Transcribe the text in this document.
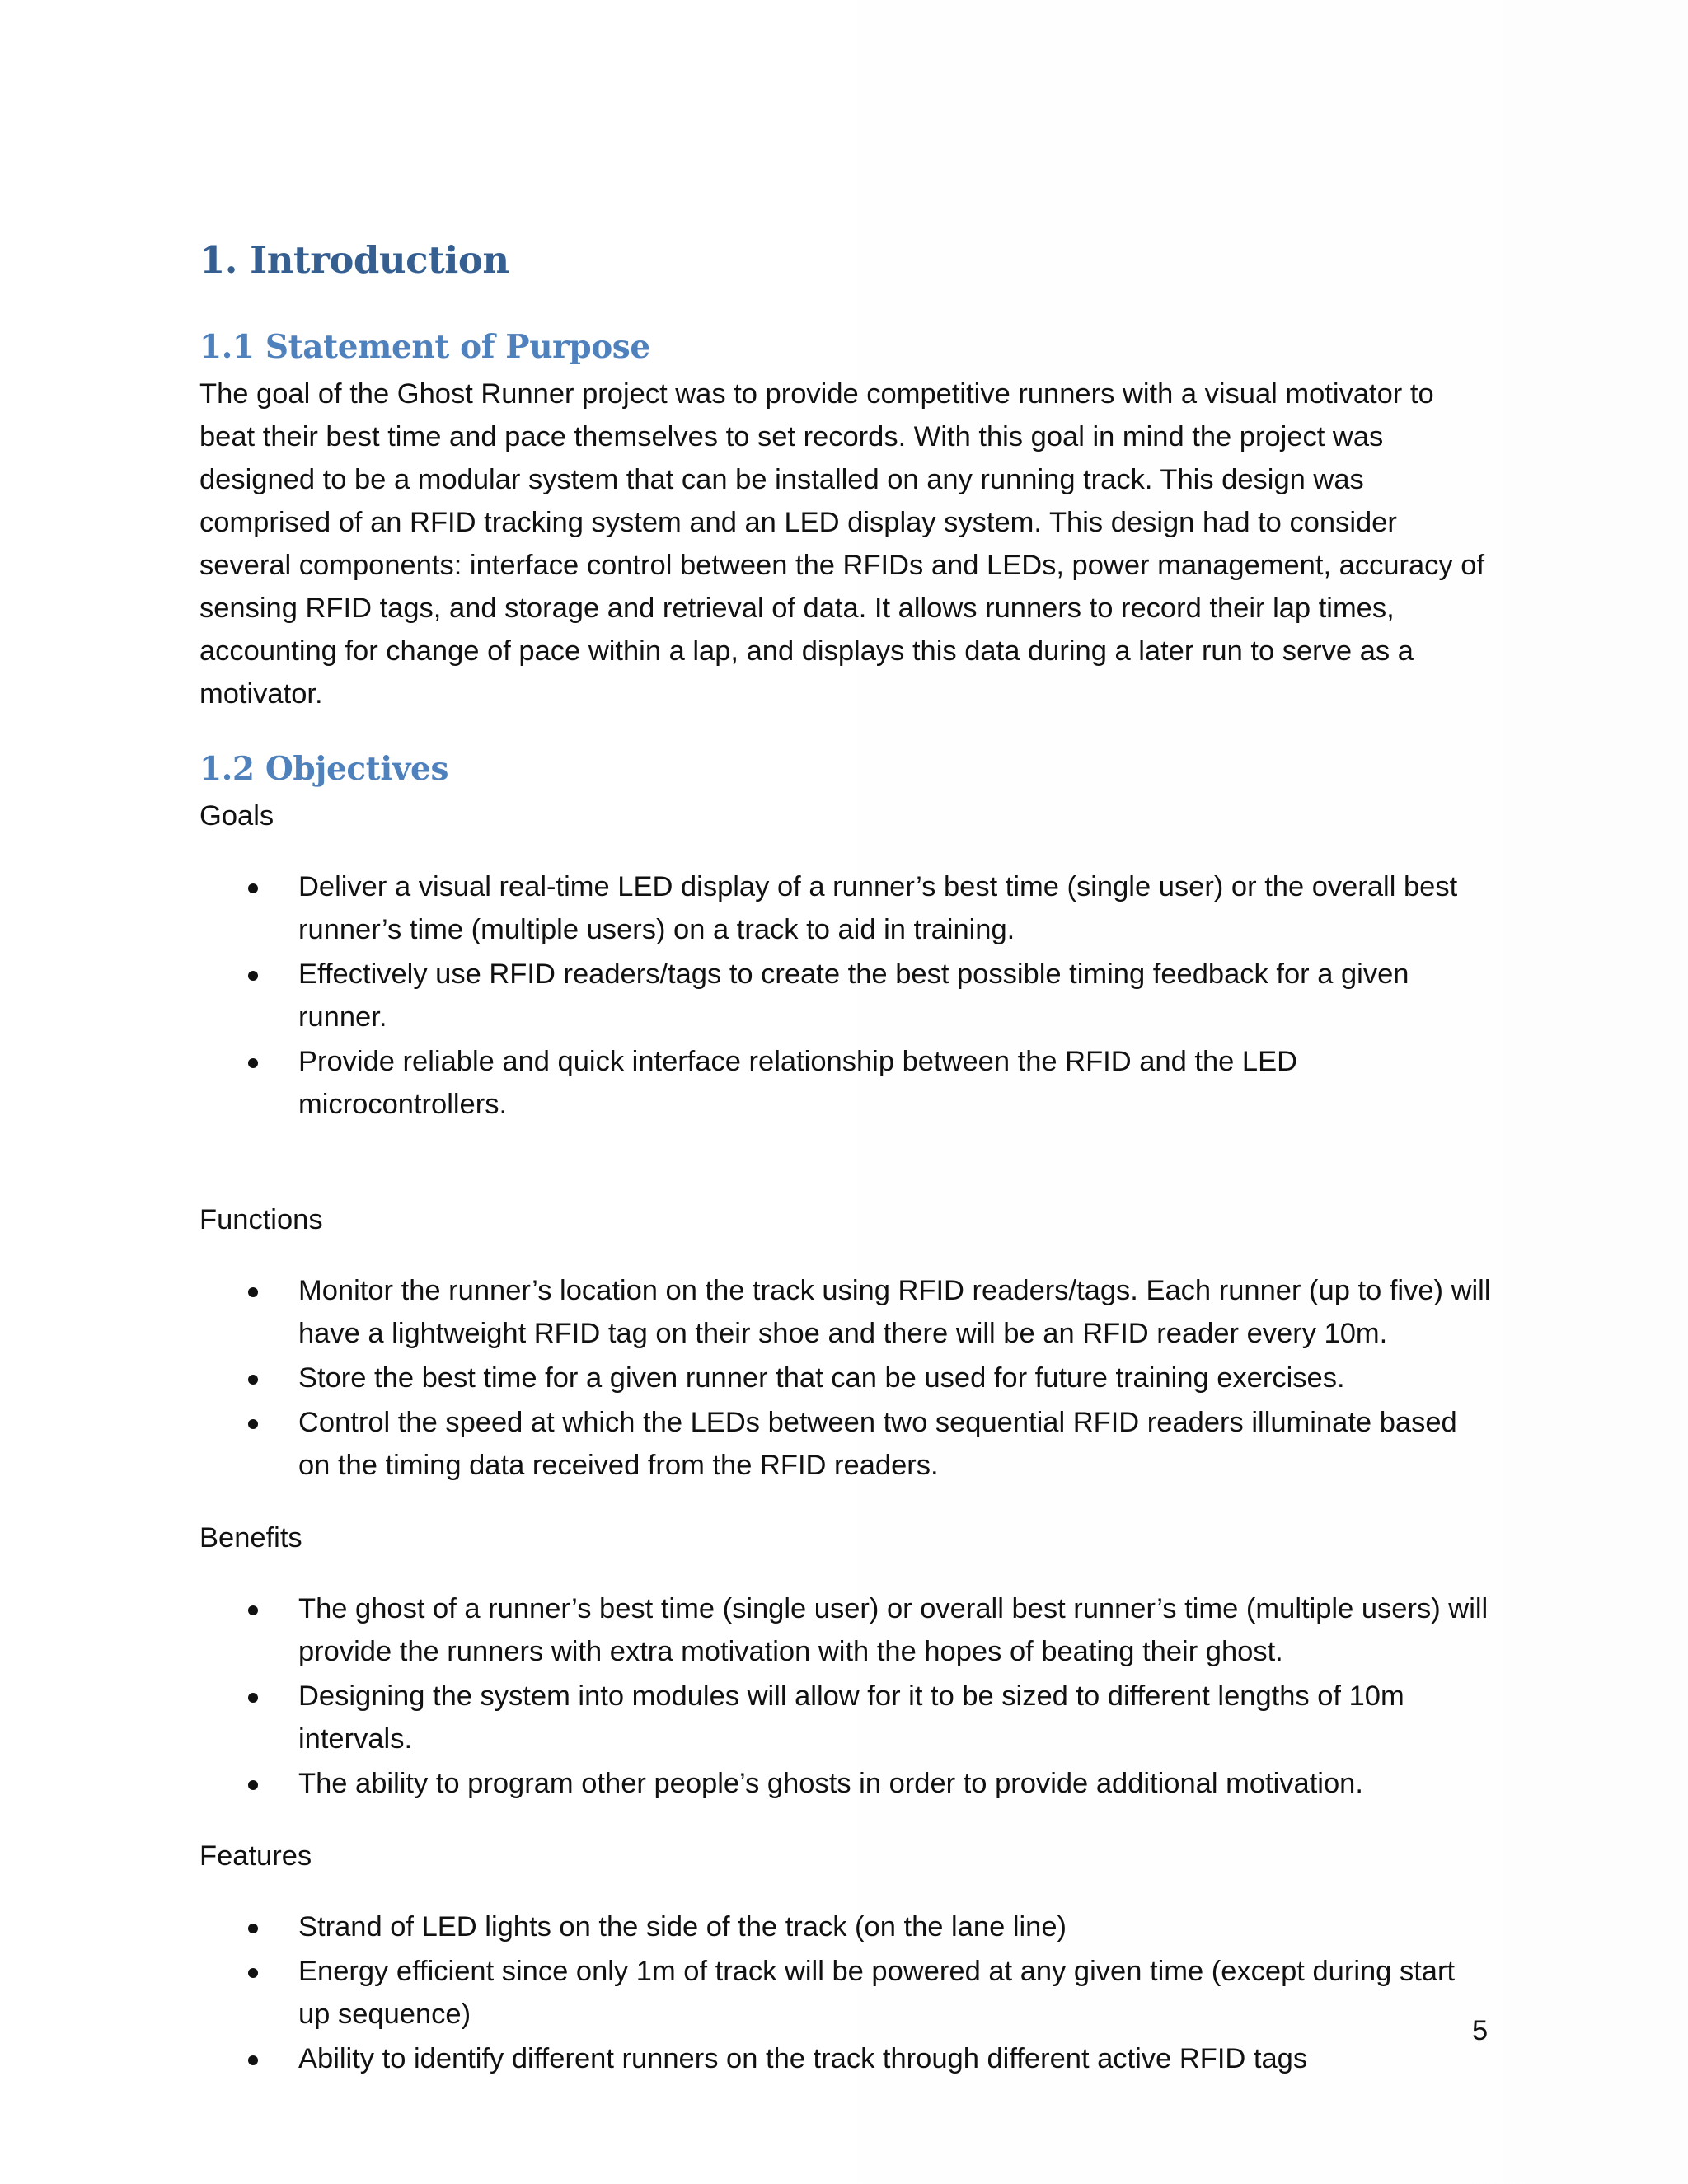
1. Introduction
1.1 Statement of Purpose

The goal of the Ghost Runner project was to provide competitive runners with a visual motivator to beat their best time and pace themselves to set records. With this goal in mind the project was designed to be a modular system that can be installed on any running track. This design was comprised of an RFID tracking system and an LED display system. This design had to consider several components: interface control between the RFIDs and LEDs, power management, accuracy of sensing RFID tags, and storage and retrieval of data. It allows runners to record their lap times, accounting for change of pace within a lap, and displays this data during a later run to serve as a motivator.

1.2 Objectives
Goals
Deliver a visual real-time LED display of a runner’s best time (single user) or the overall best runner’s time (multiple users) on a track to aid in training.
Effectively use RFID readers/tags to create the best possible timing feedback for a given runner.
Provide reliable and quick interface relationship between the RFID and the LED microcontrollers.
Functions
Monitor the runner’s location on the track using RFID readers/tags. Each runner (up to five) will have a lightweight RFID tag on their shoe and there will be an RFID reader every 10m.
Store the best time for a given runner that can be used for future training exercises.
Control the speed at which the LEDs between two sequential RFID readers illuminate based on the timing data received from the RFID readers.
Benefits
The ghost of a runner’s best time (single user) or overall best runner’s time (multiple users) will provide the runners with extra motivation with the hopes of beating their ghost.
Designing the system into modules will allow for it to be sized to different lengths of 10m intervals.
The ability to program other people’s ghosts in order to provide additional motivation.
Features
Strand of LED lights on the side of the track (on the lane line)
Energy efficient since only 1m of track will be powered at any given time (except during start up sequence)
Ability to identify different runners on the track through different active RFID tags
5
